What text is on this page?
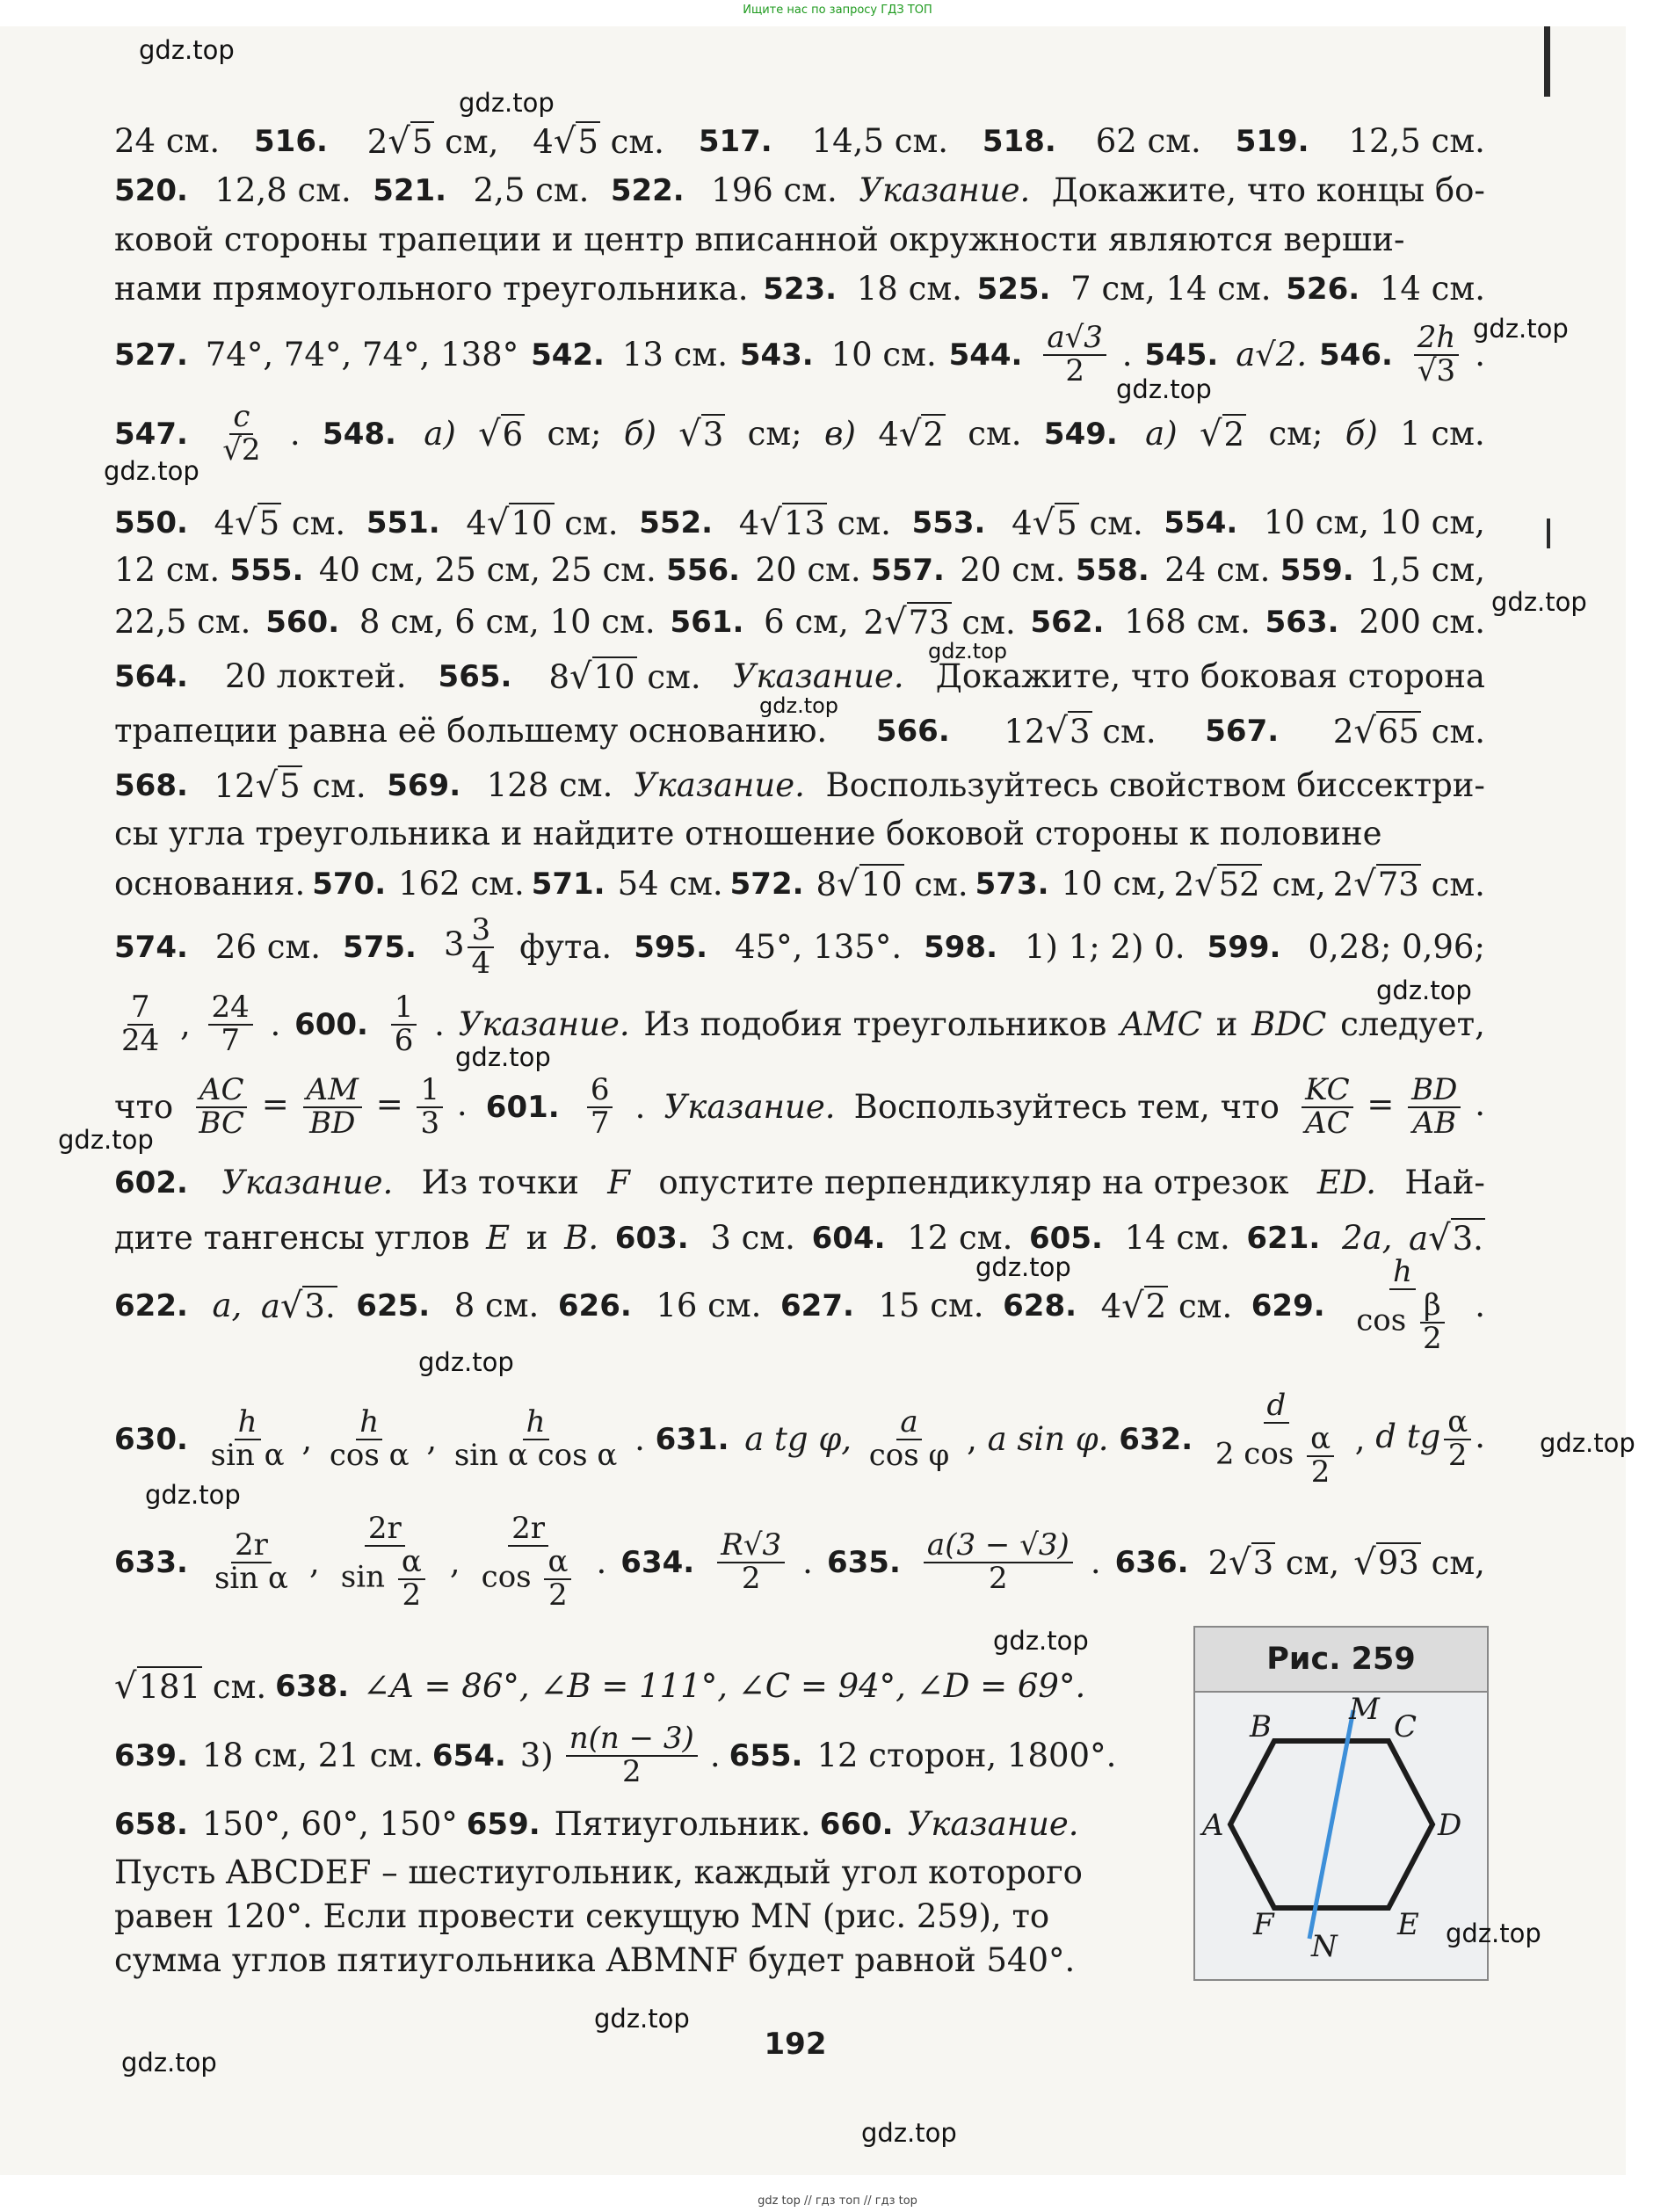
Ищите нас по запросу ГДЗ ТОП
24 см. 516. 2√5 см, 4√5 см. 517. 14,5 см. 518. 62 см. 519. 12,5 см.
520. 12,8 см. 521. 2,5 см. 522. 196 см. Указание. Докажите, что концы бо-
ковой стороны трапеции и центр вписанной окружности являются верши-
нами прямоугольного треугольника. 523. 18 см. 525. 7 см, 14 см. 526. 14 см.
527. 74°, 74°, 74°, 138° 542. 13 см. 543. 10 см. 544. $\frac{a√3}{2}$ . 545. a√2. 546. $\frac{2h}{√3}$ .
547. $\frac{c}{√2}$ . 548. а) √6 см; б) √3 см; в) 4√2 см. 549. а) √2 см; б) 1 см.
550. 4√5 см. 551. 4√10 см. 552. 4√13 см. 553. 4√5 см. 554. 10 см, 10 см,
12 см. 555. 40 см, 25 см, 25 см. 556. 20 см. 557. 20 см. 558. 24 см. 559. 1,5 см,
22,5 см. 560. 8 см, 6 см, 10 см. 561. 6 см, 2√73 см. 562. 168 см. 563. 200 см.
564. 20 локтей. 565. 8√10 см. Указание. Докажите, что боковая сторона
трапеции равна её большему основанию. 566. 12√3 см. 567. 2√65 см.
568. 12√5 см. 569. 128 см. Указание. Воспользуйтесь свойством биссектри-
сы угла треугольника и найдите отношение боковой стороны к половине
основания. 570. 162 см. 571. 54 см. 572. 8√10 см. 573. 10 см, 2√52 см, 2√73 см.
574. 26 см. 575. $3 \frac{3}{4}$ фута. 595. 45°, 135°. 598. 1) 1; 2) 0. 599. 0,28; 0,96;
$\frac{7}{24}$ , $\frac{24}{7}$ . 600. $\frac{1}{6}$ . Указание. Из подобия треугольников AMC и BDC следует,
что $\frac{AC}{BC} = \frac{AM}{BD} = \frac{1}{3}$ . 601. $\frac{6}{7}$ . Указание. Воспользуйтесь тем, что $\frac{KC}{AC} = \frac{BD}{AB}$ .
602. Указание. Из точки F опустите перпендикуляр на отрезок ED. Най-
дите тангенсы углов E и B. 603. 3 см. 604. 12 см. 605. 14 см. 621. 2a, a√3.
622. a, a√3. 625. 8 см. 626. 16 см. 627. 15 см. 628. 4√2 см. 629. $\frac{h}{\cos \frac{\beta}{2}}$ .
630. $\frac{h}{\text{sin α}}$ , $\frac{h}{\text{cos α}}$ , $\frac{h}{\text{sin α cos α}}$ . 631. a tg φ, $\frac{a}{\text{cos φ}}$ , a sin φ. 632. $\frac{d}{2 \cos \frac{\alpha}{2}}$ , d tg $\frac{\alpha}{2}$ .
633. $\frac{2r}{\text{sin α}}$ , $\frac{2r}{\sin \frac{\alpha}{2}}$ , $\frac{2r}{\cos \frac{\alpha}{2}}$ . 634. $\frac{R√3}{2}$ . 635. $\frac{a(3 - √3)}{2}$ . 636. 2√3 см, √93 см,
√181 см. 638. ∠A = 86°, ∠B = 111°, ∠C = 94°, ∠D = 69°.
639. 18 см, 21 см. 654. $3) \frac{n(n - 3)}{2}$ . 655. 12 сторон, 1800°.
658. 150°, 60°, 150° 659. Пятиугольник. 660. Указание.
Пусть ABCDEF – шестиугольник, каждый угол которого
равен 120°. Если провести секущую MN (рис. 259), то
сумма углов пятиугольника ABMNF будет равной 540°.
Рис. 259
B	C
M
A	D
F
N
E
192
gdz.top
gdz.top
gdz.top
gdz.top
gdz.top
gdz.top
gdz.top
gdz.top
gdz.top
gdz.top
gdz.top
gdz.top
gdz.top
gdz.top
gdz.top
gdz.top
gdz.top
gdz.top
gdz.top
gdz.top
gdz top // гдз топ // гдз top
